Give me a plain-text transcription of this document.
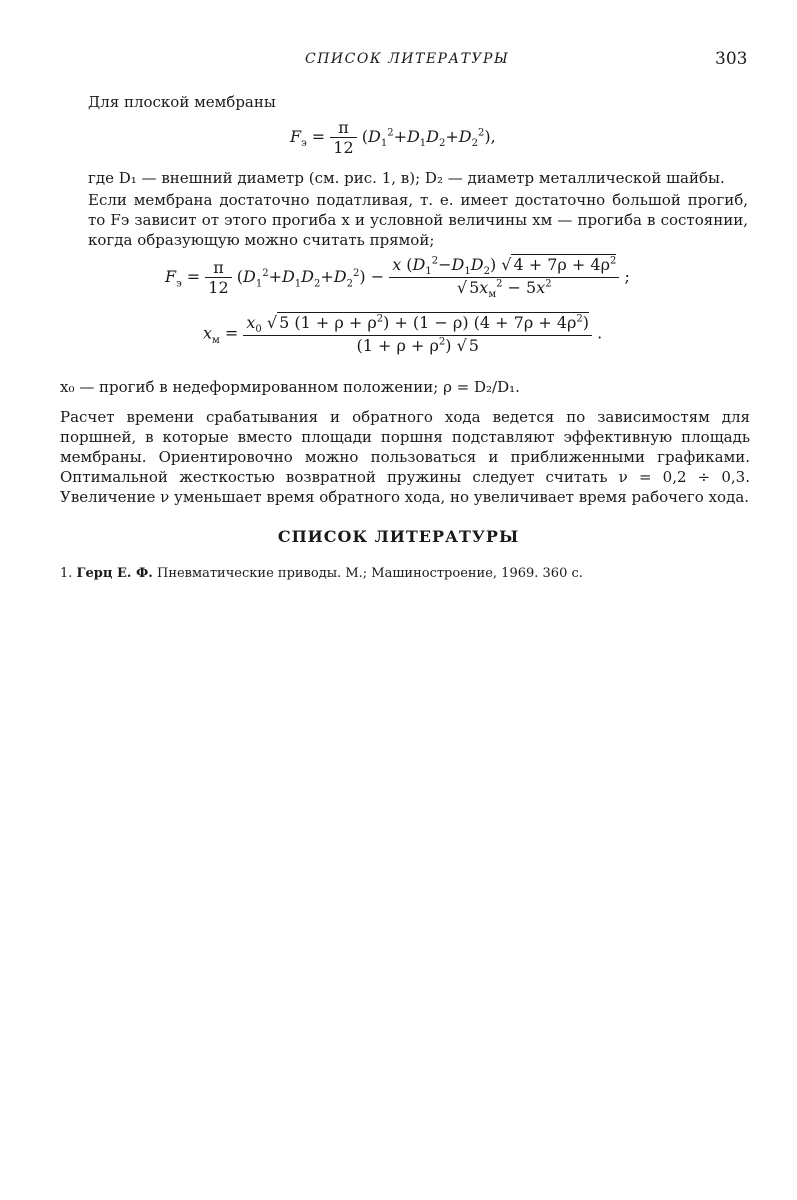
СПИСОК ЛИТЕРАТУРЫ	303
Для плоской мембраны
$F_э = \frac{\pi}{12} (D_1^2+D_1D_2+D_2^2)$,
где D₁ — внешний диаметр (см. рис. 1, в); D₂ — диаметр металлической шайбы.
Если мембрана достаточно податливая, т. е. имеет достаточно большой прогиб, то Fэ зависит от этого прогиба x и условной величины xм — прогиба в состоянии, когда образующую можно считать прямой;
$F_э = \frac{\pi}{12} (D_1^2+D_1D_2+D_2^2) - \frac{x (D_1^2-D_1D_2) √ 4 + 7\rho + 4\rho^2}{√ 5x_м^2 - 5x^2}$ ;
$x_м = \frac{x_0 √ 5 (1 + \rho + \rho^2) + (1 - \rho) (4 + 7\rho + 4\rho^2)}{(1 + \rho + \rho^2) √ 5}$ .
x₀ — прогиб в недеформированном положении; ρ = D₂/D₁.
Расчет времени срабатывания и обратного хода ведется по зависимостям для поршней, в которые вместо площади поршня подставляют эффективную площадь мембраны. Ориентировочно можно пользоваться и приближенными графиками. Оптимальной жесткостью возвратной пружины следует считать ν = 0,2 ÷ 0,3. Увеличение ν уменьшает время обратного хода, но увеличивает время рабочего хода.
СПИСОК ЛИТЕРАТУРЫ
1. Герц Е. Ф. Пневматические приводы. М.; Машиностроение, 1969. 360 с.
